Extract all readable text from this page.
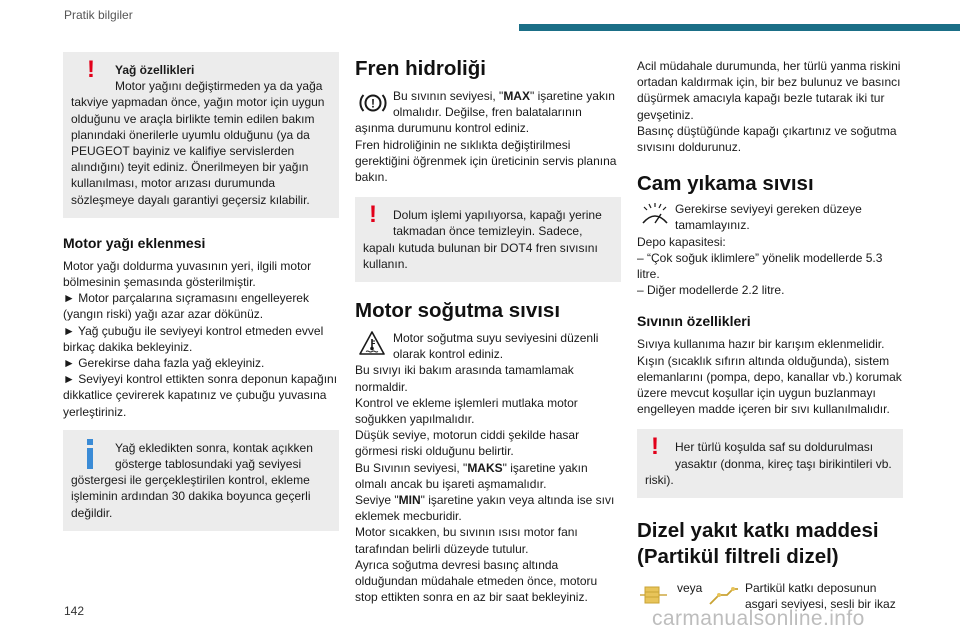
Pratik bilgiler
!	Yağ özellikleri
Motor yağını değiştirmeden ya da yağa
takviye yapmadan önce, yağın motor için uygun olduğunu ve araçla birlikte temin edilen bakım planındaki önerilerle uyumlu olduğunu (ya da PEUGEOT bayiniz ve kalifiye servislerden alındığını) teyit ediniz. Önerilmeyen bir yağın kullanılması, motor arızası durumunda sözleşmeye dayalı garantiyi geçersiz kılabilir.
Motor yağı eklenmesi
Motor yağı doldurma yuvasının yeri, ilgili motor bölmesinin şemasında gösterilmiştir.
► Motor parçalarına sıçramasını engelleyerek (yangın riski) yağı azar azar dökünüz.
► Yağ çubuğu ile seviyeyi kontrol etmeden evvel birkaç dakika bekleyiniz.
► Gerekirse daha fazla yağ ekleyiniz.
► Seviyeyi kontrol ettikten sonra deponun kapağını dikkatlice çevirerek kapatınız ve çubuğu yuvasına yerleştiriniz.
Yağ ekledikten sonra, kontak açıkken
gösterge tablosundaki yağ seviyesi
göstergesi ile gerçekleştirilen kontrol, ekleme işleminin ardından 30 dakika boyunca geçerli değildir.
Fren hidroliği
!
Bu sıvının seviyesi, "MAX" işaretine yakın
olmalıdır. Değilse, fren balatalarının
aşınma durumunu kontrol ediniz.
Fren hidroliğinin ne sıklıkta değiştirilmesi gerektiğini öğrenmek için üreticinin servis planına bakın.
!	Dolum işlemi yapılıyorsa, kapağı yerine
takmadan önce temizleyin. Sadece,
kapalı kutuda bulunan bir DOT4 fren sıvısını kullanın.
Motor soğutma sıvısı
Motor soğutma suyu seviyesini düzenli
olarak kontrol ediniz.
Bu sıvıyı iki bakım arasında tamamlamak normaldir.
Kontrol ve ekleme işlemleri mutlaka motor soğukken yapılmalıdır.
Düşük seviye, motorun ciddi şekilde hasar görmesi riski olduğunu belirtir.
Bu Sıvının seviyesi, "MAKS" işaretine yakın olmalı ancak bu işareti aşmamalıdır.
Seviye "MIN" işaretine yakın veya altında ise sıvı eklemek mecburidir.
Motor sıcakken, bu sıvının ısısı motor fanı tarafından belirli düzeyde tutulur.
Ayrıca soğutma devresi basınç altında olduğundan müdahale etmeden önce, motoru stop ettikten sonra en az bir saat bekleyiniz.
Acil müdahale durumunda, her türlü yanma riskini ortadan kaldırmak için, bir bez bulunuz ve basıncı düşürmek amacıyla kapağı bezle tutarak iki tur gevşetiniz.
Basınç düştüğünde kapağı çıkartınız ve soğutma sıvısını doldurunuz.
Cam yıkama sıvısı
Gerekirse seviyeyi gereken düzeye
tamamlayınız.
Depo kapasitesi:
– “Çok soğuk iklimlere” yönelik modellerde 5.3 litre.
– Diğer modellerde 2.2 litre.
Sıvının özellikleri
Sıvıya kullanıma hazır bir karışım eklenmelidir. Kışın (sıcaklık sıfırın altında olduğunda), sistem elemanlarını (pompa, depo, kanallar vb.) korumak üzere mevcut koşullar için uygun buzlanmayı engelleyen madde içeren bir sıvı kullanılmalıdır.
!	Her türlü koşulda saf su doldurulması
yasaktır (donma, kireç taşı birikintileri vb.
riski).
Dizel yakıt katkı maddesi
(Partikül filtreli dizel)
veya	Partikül katkı deposunun
asgari seviyesi, sesli bir ikaz
142	carmanualsonline.info
